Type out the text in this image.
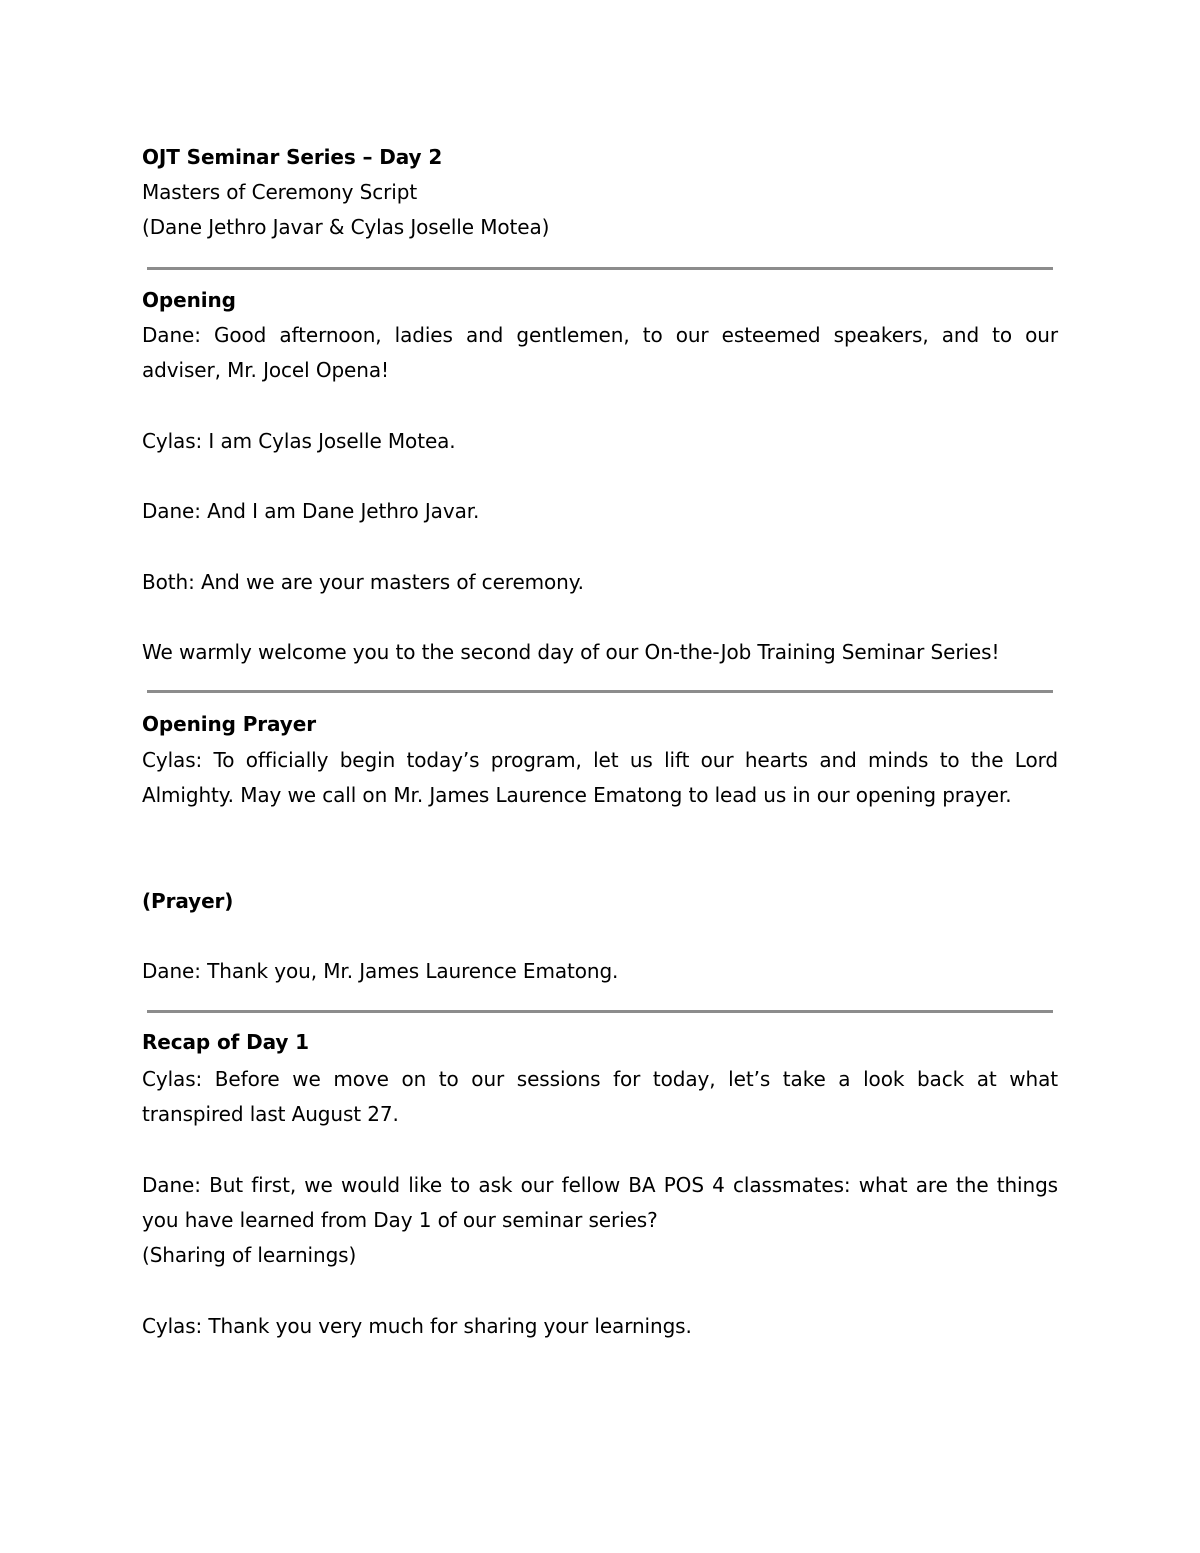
OJT Seminar Series – Day 2
Masters of Ceremony Script
(Dane Jethro Javar & Cylas Joselle Motea)
Opening
Dane: Good afternoon, ladies and gentlemen, to our esteemed speakers, and to our adviser, Mr. Jocel Opena!
Cylas: I am Cylas Joselle Motea.
Dane: And I am Dane Jethro Javar.
Both: And we are your masters of ceremony.
We warmly welcome you to the second day of our On-the-Job Training Seminar Series!
Opening Prayer
Cylas: To officially begin today’s program, let us lift our hearts and minds to the Lord Almighty. May we call on Mr. James Laurence Ematong to lead us in our opening prayer.
(Prayer)
Dane: Thank you, Mr. James Laurence Ematong.
Recap of Day 1
Cylas: Before we move on to our sessions for today, let’s take a look back at what transpired last August 27.
Dane: But first, we would like to ask our fellow BA POS 4 classmates: what are the things you have learned from Day 1 of our seminar series?
(Sharing of learnings)
Cylas: Thank you very much for sharing your learnings.
